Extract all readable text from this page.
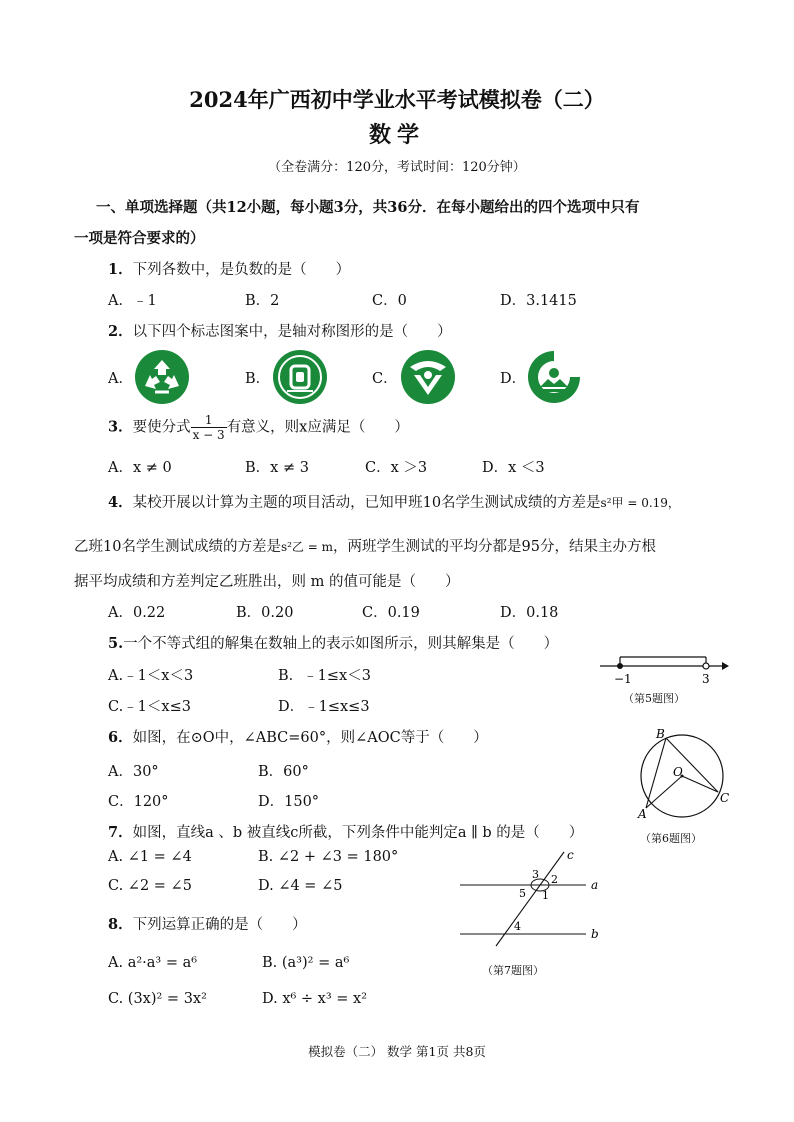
2024年广西初中学业水平考试模拟卷（二）
数学
（全卷满分：120分，考试时间：120分钟）
一、单项选择题（共12小题，每小题3分，共36分．在每小题给出的四个选项中只有
一项是符合要求的）
1．下列各数中，是负数的是（　　）
A．﹣1	B．2	C．0	D．3.1415
2．以下四个标志图案中，是轴对称图形的是（　　）
A．	B．	C．	D．
3．要使分式 $\frac{1}{x - 3}$ 有意义，则x应满足（　　）
A．x ≠ 0	B．x ≠ 3	C．x ＞3	D．x ＜3
4．某校开展以计算为主题的项目活动，已知甲班10名学生测试成绩的方差是s²甲 = 0.19，
乙班10名学生测试成绩的方差是s²乙 = m，两班学生测试的平均分都是95分，结果主办方根
据平均成绩和方差判定乙班胜出，则 m 的值可能是（　　）
A．0.22	B．0.20	C．0.19	D．0.18
5.一个不等式组的解集在数轴上的表示如图所示，则其解集是（　　）
A.﹣1＜x＜3	B．﹣1≤x＜3
C.﹣1＜x≤3	D．﹣1≤x≤3
−1	3
（第5题图）
6．如图，在⊙O中，∠ABC=60°，则∠AOC等于（　　）
A．30°	B．60°
C．120°	D．150°
B
O
A
C
（第6题图）
7．如图，直线a 、b 被直线c所截，下列条件中能判定a ∥ b 的是（　　）
A. ∠1 = ∠4	B. ∠2 + ∠3 = 180°
C. ∠2 = ∠5	D. ∠4 = ∠5
c
a
b
3 2
5 1
4
（第7题图）
8．下列运算正确的是（　　）
A. a²·a³ = a⁶	B. (a³)² = a⁶
C. (3x)² = 3x²	D. x⁶ ÷ x³ = x²
模拟卷（二） 数学 第1页 共8页
